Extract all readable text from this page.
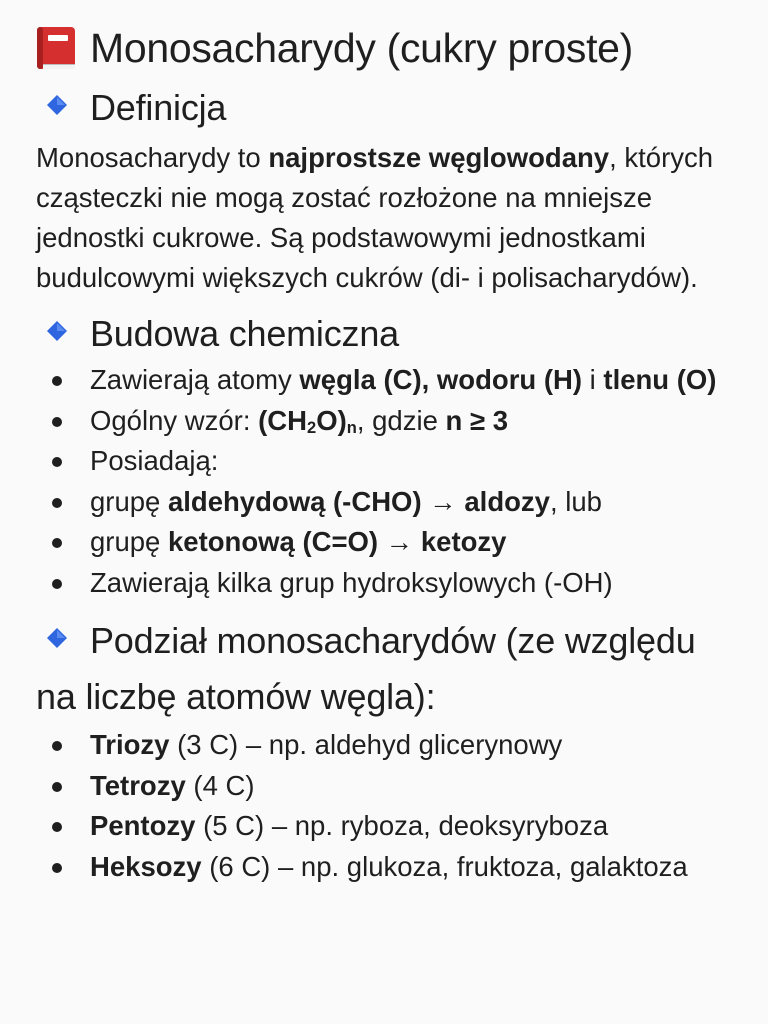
Monosacharydy (cukry proste)
Definicja

Monosacharydy to najprostsze węglowodany, których cząsteczki nie mogą zostać rozłożone na mniejsze jednostki cukrowe. Są podstawowymi jednostkami budulcowymi większych cukrów (di- i polisacharydów).

Budowa chemiczna
Zawierają atomy węgla (C), wodoru (H) i tlenu (O)
Ogólny wzór: $(CH_2O)_n$, gdzie n ≥ 3
Posiadają:
grupę aldehydową (-CHO) → aldozy, lub
grupę ketonową (C=O) → ketozy
Zawierają kilka grup hydroksylowych (-OH)
Podział monosacharydów (ze względu na liczbę atomów węgla):
Triozy (3 C) – np. aldehyd glicerynowy
Tetrozy (4 C)
Pentozy (5 C) – np. ryboza, deoksyryboza
Heksozy (6 C) – np. glukoza, fruktoza, galaktoza
